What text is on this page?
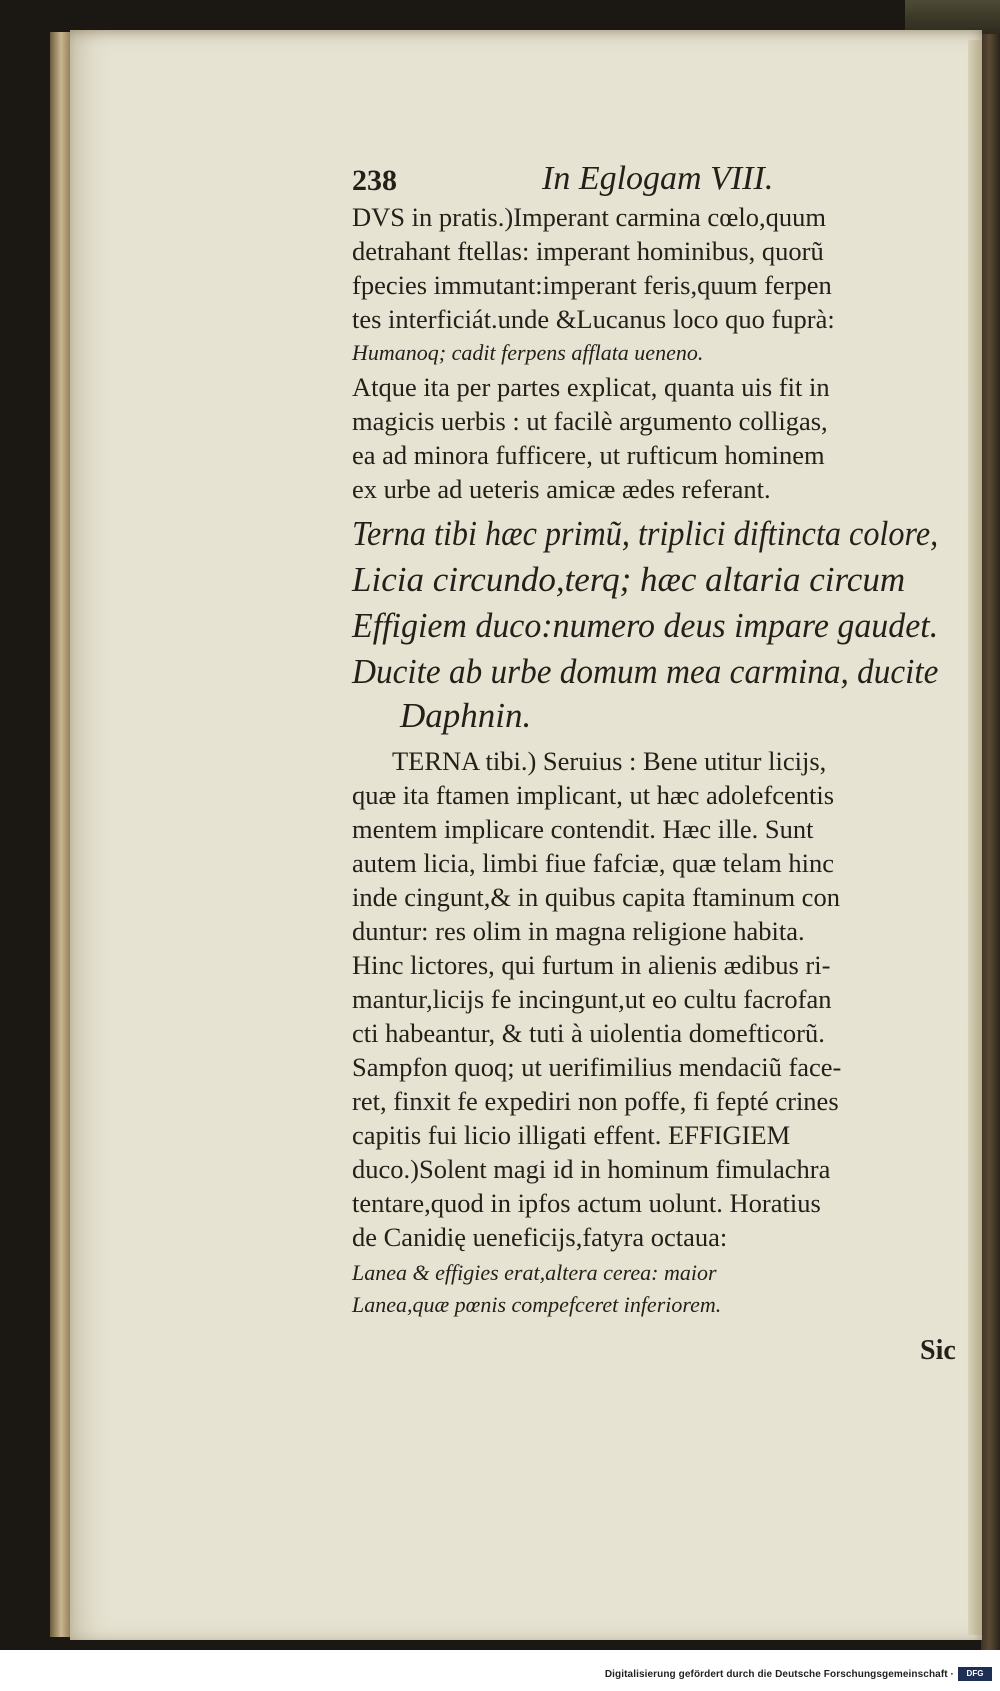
238	In Eglogam VIII.
DVS in pratis.)Imperant carmina cœlo,quum
detrahant ftellas: imperant hominibus, quorũ
fpecies immutant:imperant feris,quum ferpen
tes interficiát.unde &Lucanus loco quo fuprà:
Humanoq; cadit ferpens afflata ueneno.
Atque ita per partes explicat, quanta uis fit in
magicis uerbis : ut facilè argumento colligas,
ea ad minora fufficere, ut rufticum hominem
ex urbe ad ueteris amicæ ædes referant.
Terna tibi hæc primũ, triplici diftincta colore,
Licia circundo,terq; hæc altaria circum
Effigiem duco:numero deus impare gaudet.
Ducite ab urbe domum mea carmina, ducite
Daphnin.
TERNA tibi.) Seruius : Bene utitur licijs,
quæ ita ftamen implicant, ut hæc adolefcentis
mentem implicare contendit. Hæc ille. Sunt
autem licia, limbi fiue fafciæ, quæ telam hinc
inde cingunt,& in quibus capita ftaminum con
duntur: res olim in magna religione habita.
Hinc lictores, qui furtum in alienis ædibus ri-
mantur,licijs fe incingunt,ut eo cultu facrofan
cti habeantur, & tuti à uiolentia domefticorũ.
Sampfon quoq; ut uerifimilius mendaciũ face-
ret, finxit fe expediri non poffe, fi fepté crines
capitis fui licio illigati effent. EFFIGIEM
duco.)Solent magi id in hominum fimulachra
tentare,quod in ipfos actum uolunt. Horatius
de Canidię ueneficijs,fatyra octaua:
Lanea & effigies erat,altera cerea: maior
Lanea,quæ pœnis compefceret inferiorem.
Sic
Digitalisierung gefördert durch die Deutsche Forschungsgemeinschaft ·	DFG
